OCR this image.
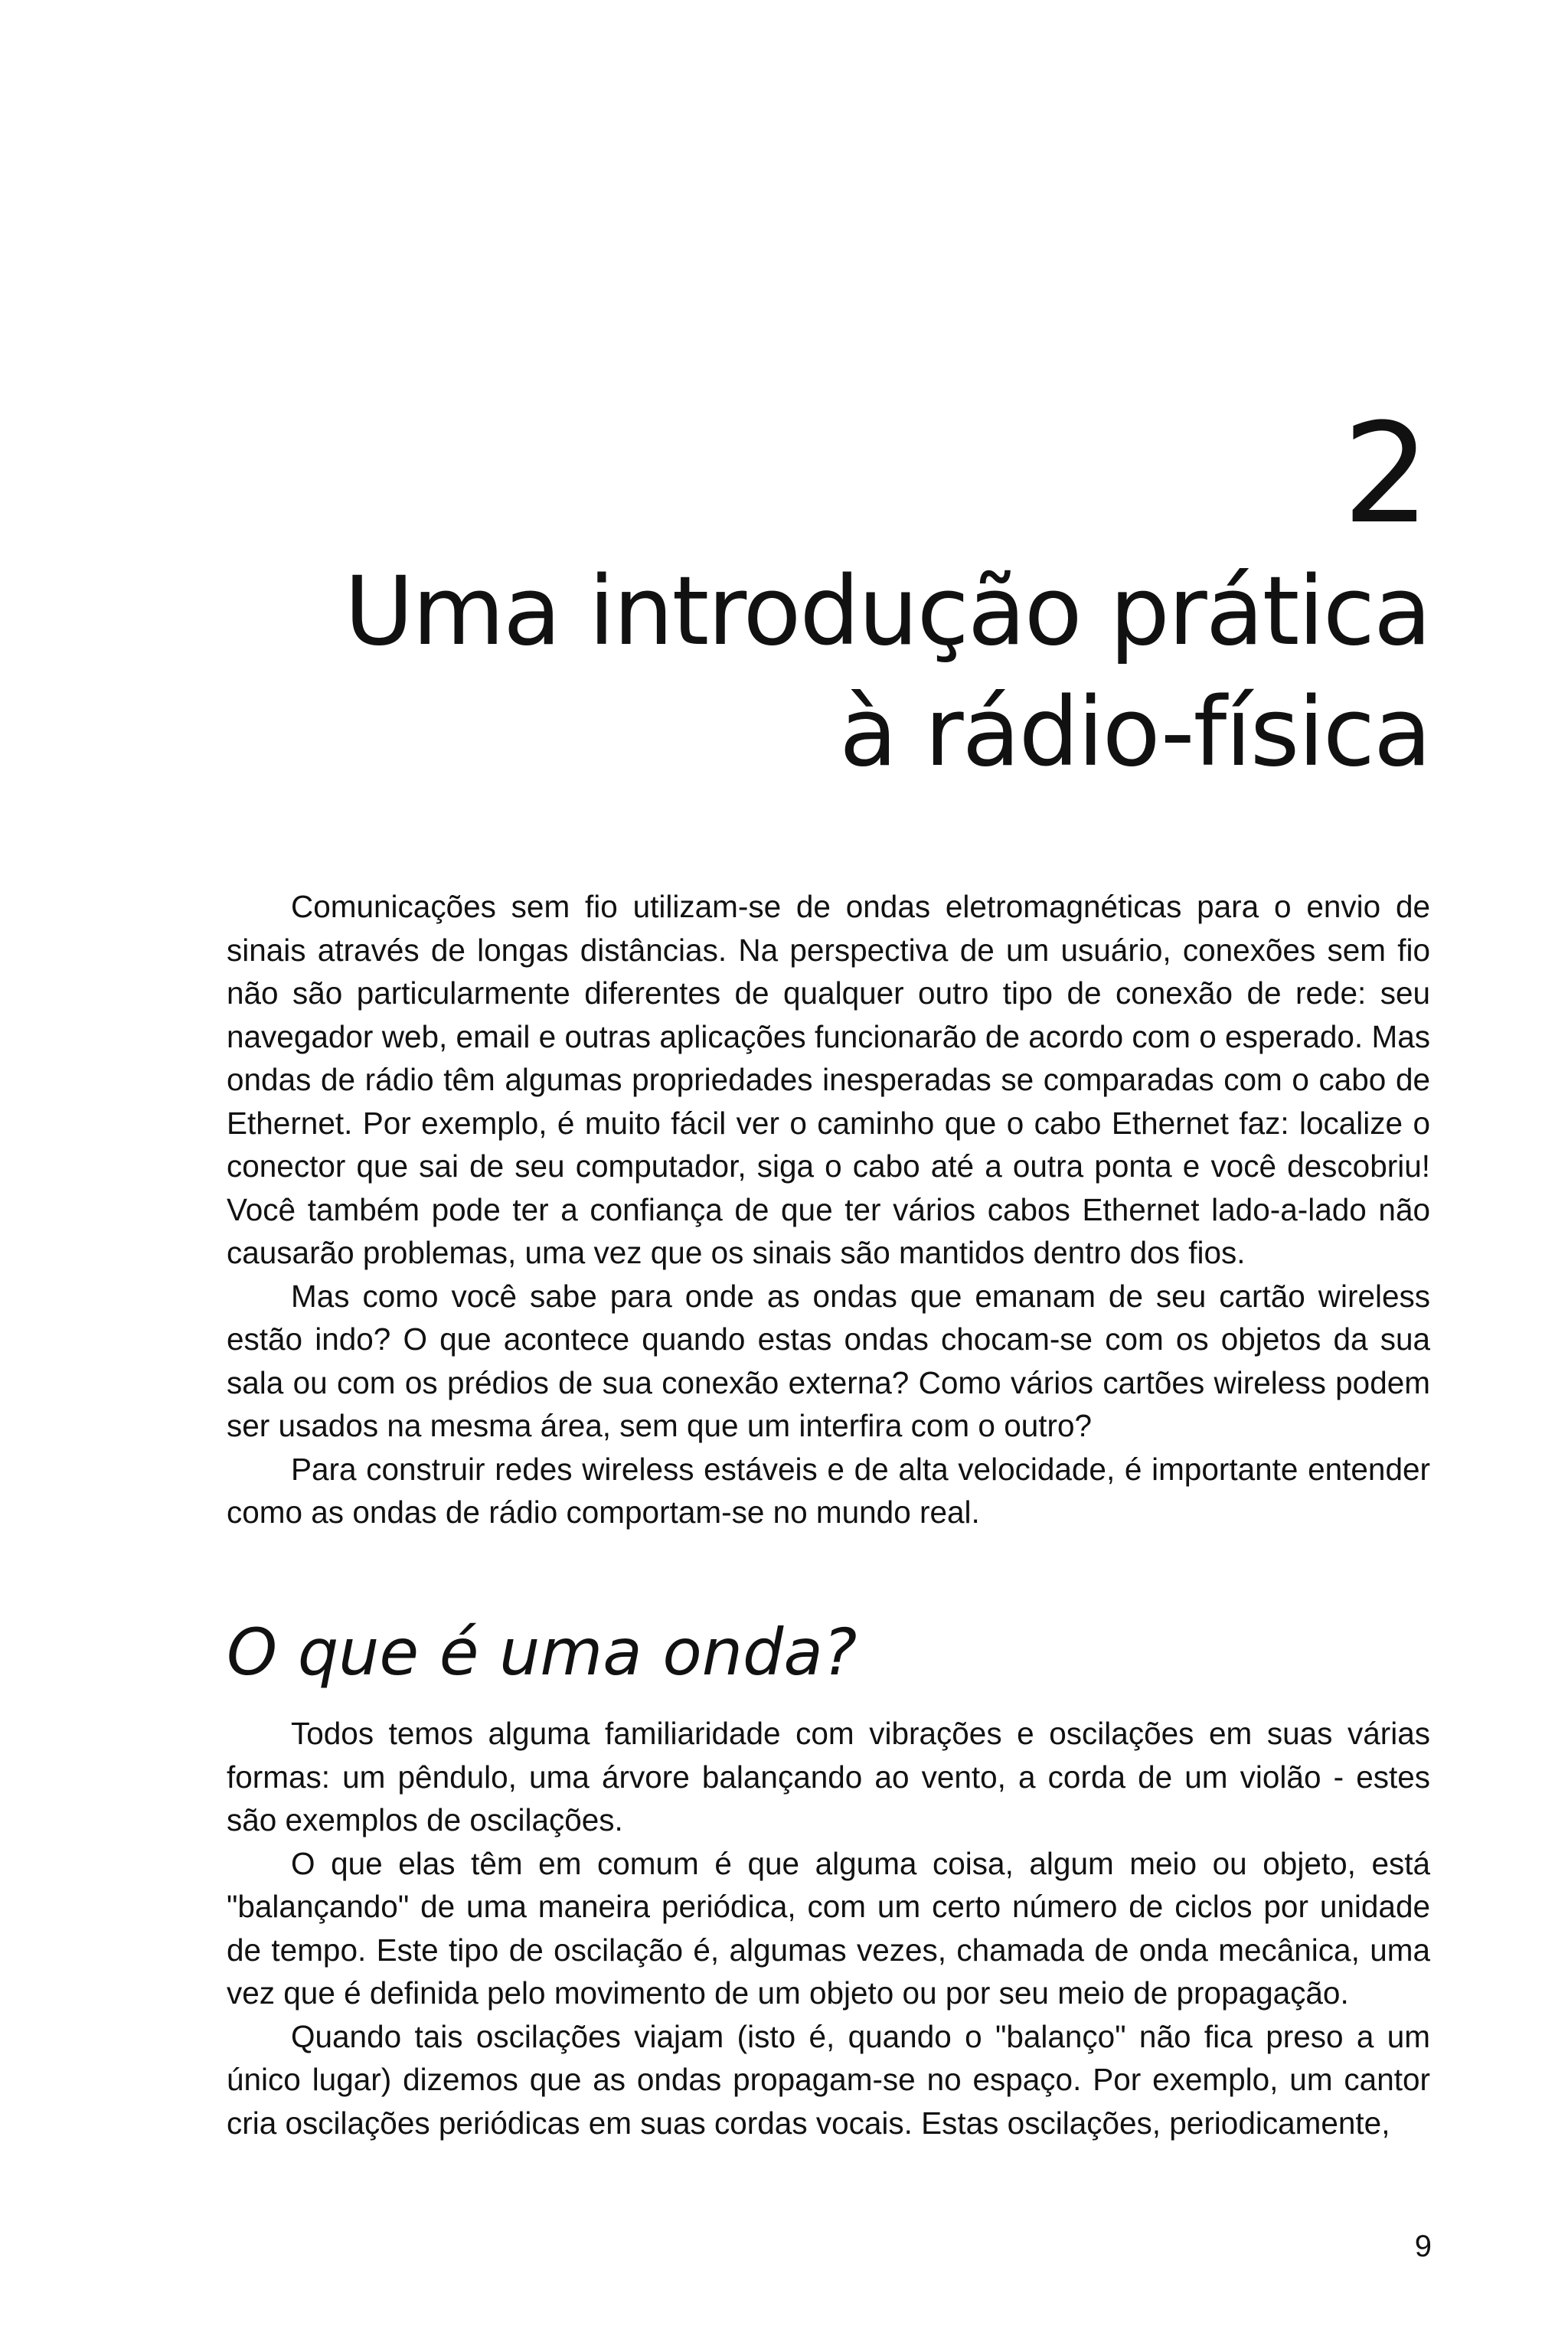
2
Uma introdução prática
à rádio-física

Comunicações sem fio utilizam-se de ondas eletromagnéticas para o envio de sinais através de longas distâncias. Na perspectiva de um usuário, conexões sem fio não são particularmente diferentes de qualquer outro tipo de conexão de rede: seu navegador web, email e outras aplicações funcionarão de acordo com o esperado. Mas ondas de rádio têm algumas propriedades inesperadas se comparadas com o cabo de Ethernet. Por exemplo, é muito fácil ver o caminho que o cabo Ethernet faz: localize o conector que sai de seu computador, siga o cabo até a outra ponta e você descobriu! Você também pode ter a confiança de que ter vários cabos Ethernet lado-a-lado não causarão problemas, uma vez que os sinais são mantidos dentro dos fios.

Mas como você sabe para onde as ondas que emanam de seu cartão wireless estão indo? O que acontece quando estas ondas chocam-se com os objetos da sua sala ou com os prédios de sua conexão externa? Como vários cartões wireless podem ser usados na mesma área, sem que um interfira com o outro?

Para construir redes wireless estáveis e de alta velocidade, é importante entender como as ondas de rádio comportam-se no mundo real.

O que é uma onda?

Todos temos alguma familiaridade com vibrações e oscilações em suas várias formas: um pêndulo, uma árvore balançando ao vento, a corda de um violão - estes são exemplos de oscilações.

O que elas têm em comum é que alguma coisa, algum meio ou objeto, está "balançando" de uma maneira periódica, com um certo número de ciclos por unidade de tempo. Este tipo de oscilação é, algumas vezes, chamada de onda mecânica, uma vez que é definida pelo movimento de um objeto ou por seu meio de propagação.

Quando tais oscilações viajam (isto é, quando o "balanço" não fica preso a um único lugar) dizemos que as ondas propagam-se no espaço. Por exemplo, um cantor cria oscilações periódicas em suas cordas vocais. Estas oscilações, periodicamente,

9
